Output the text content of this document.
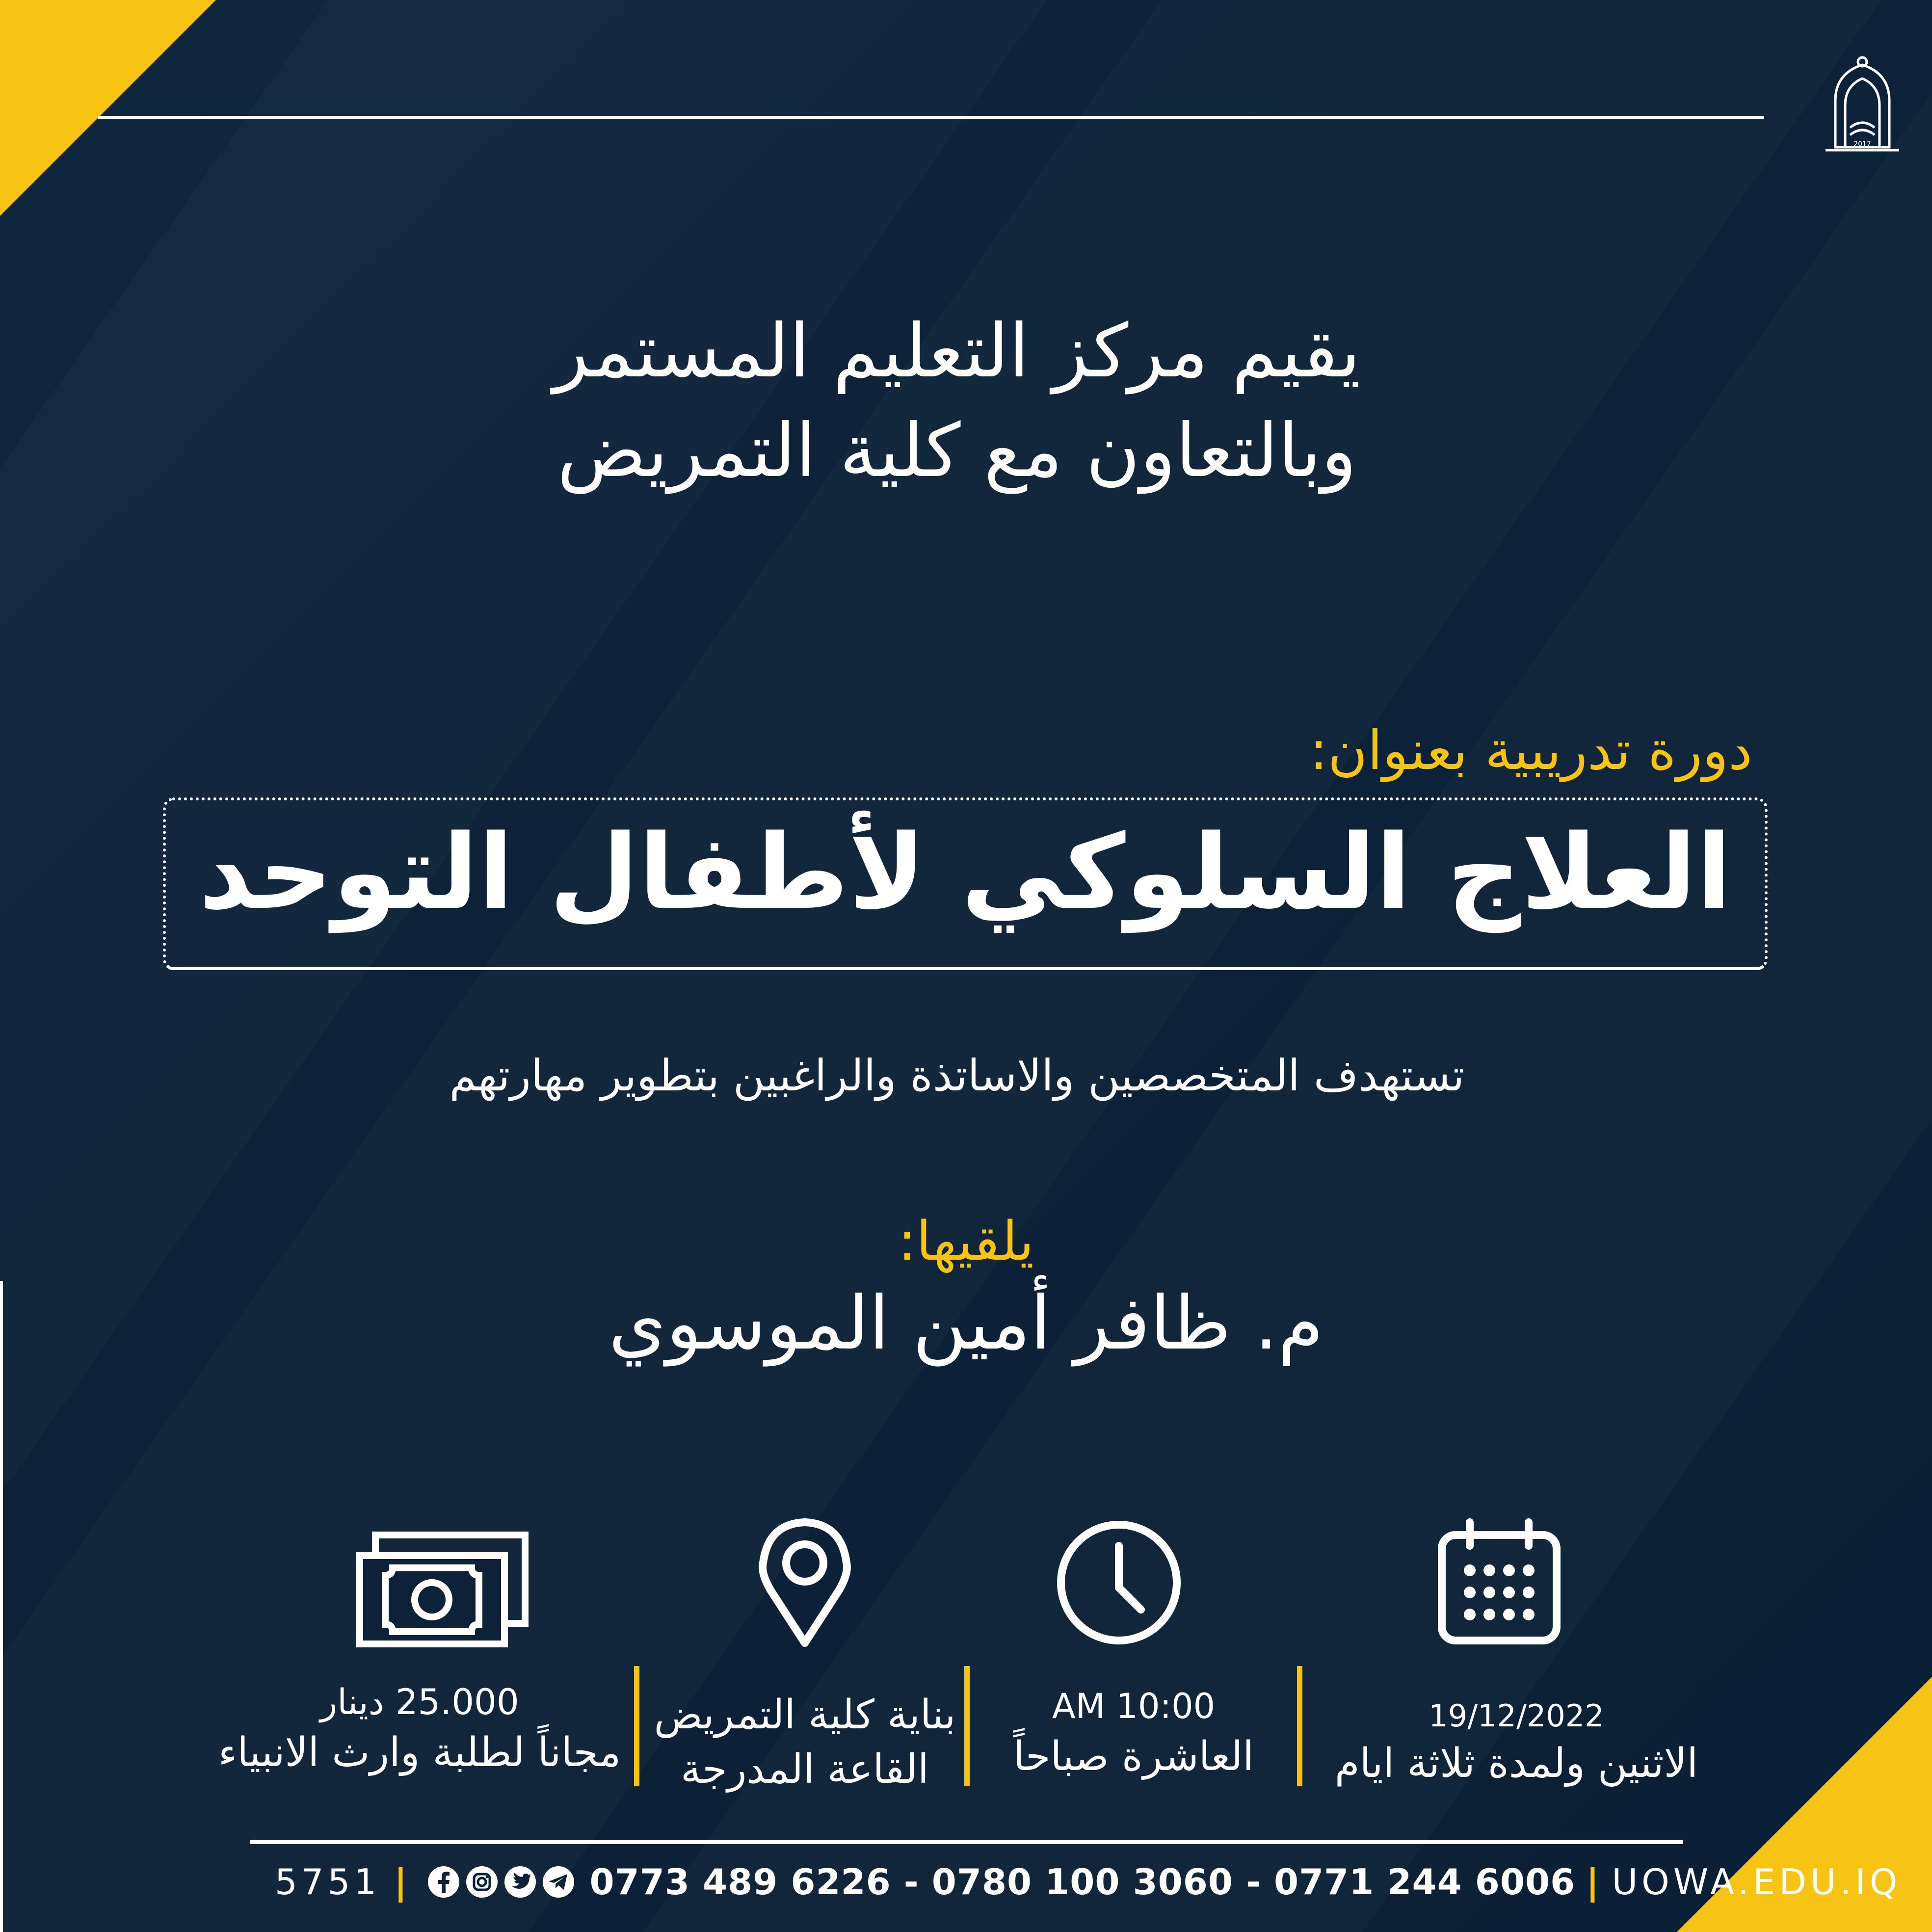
2017
يقيم مركز التعليم المستمر
وبالتعاون مع كلية التمريض
دورة تدريبية بعنوان:
العلاج السلوكي لأطفال التوحد
تستهدف المتخصصين والاساتذة والراغبين بتطوير مهارتهم
يلقيها:
م. ظافر أمين الموسوي
19/12/2022
الاثنين ولمدة ثلاثة ايام
10:00 AM
العاشرة صباحاً
بناية كلية التمريض
القاعة المدرجة
25.000 دينار
مجاناً لطلبة وارث الانبياء
5751 |	0773 489 6226 - 0780 100 3060 - 0771 244 6006 | UOWA.EDU.IQ
